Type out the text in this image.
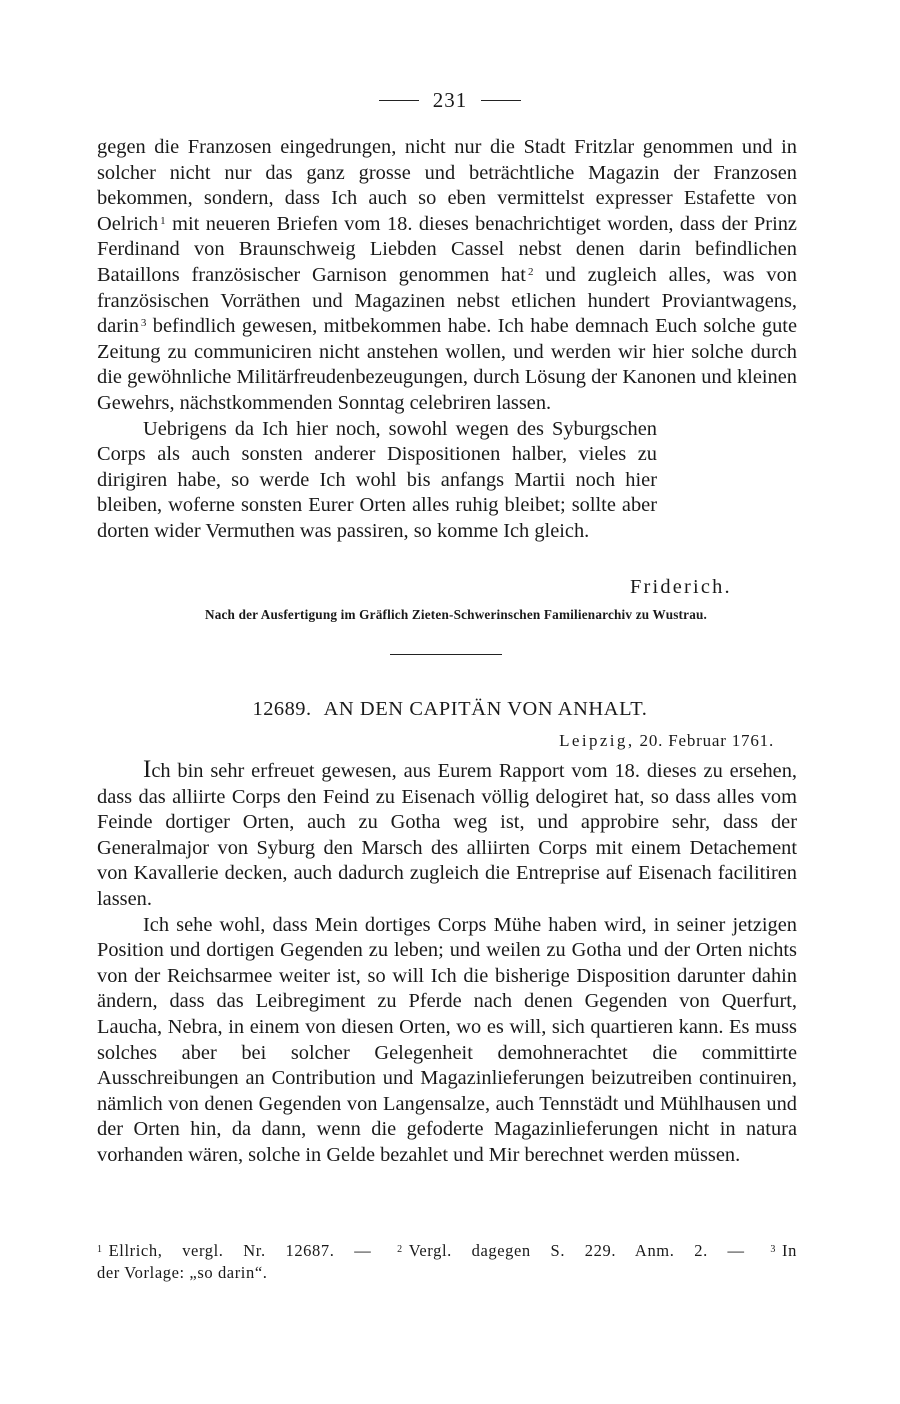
231

gegen die Franzosen eingedrungen, nicht nur die Stadt Fritzlar genommen und in solcher nicht nur das ganz grosse und beträchtliche Magazin der Franzosen bekommen, sondern, dass Ich auch so eben vermittelst expresser Estafette von Oelrich $^1$ mit neueren Briefen vom 18. dieses benachrichtiget worden, dass der Prinz Ferdinand von Braunschweig Liebden Cassel nebst denen darin befindlichen Bataillons französischer Garnison genommen hat $^2$ und zugleich alles, was von französischen Vorräthen und Magazinen nebst etlichen hundert Proviantwagens, darin $^3$ befindlich gewesen, mitbekommen habe. Ich habe demnach Euch solche gute Zeitung zu communiciren nicht anstehen wollen, und werden wir hier solche durch die gewöhnliche Militärfreudenbezeugungen, durch Lösung der Kanonen und kleinen Gewehrs, nächstkommenden Sonntag celebriren lassen.

Uebrigens da Ich hier noch, sowohl wegen des Syburgschen Corps als auch sonsten anderer Dispositionen halber, vieles zu dirigiren habe, so werde Ich wohl bis anfangs Martii noch hier bleiben, woferne sonsten Eurer Orten alles ruhig bleibet; sollte aber dorten wider Vermuthen was passiren, so komme Ich gleich.

Friderich.
Nach der Ausfertigung im Gräflich Zieten-Schwerinschen Familienarchiv zu Wustrau.
12689. AN DEN CAPITÄN VON ANHALT.
Leipzig, 20. Februar 1761.

Ich bin sehr erfreuet gewesen, aus Eurem Rapport vom 18. dieses zu ersehen, dass das alliirte Corps den Feind zu Eisenach völlig delogiret hat, so dass alles vom Feinde dortiger Orten, auch zu Gotha weg ist, und approbire sehr, dass der Generalmajor von Syburg den Marsch des alliirten Corps mit einem Detachement von Kavallerie decken, auch dadurch zugleich die Entreprise auf Eisenach facilitiren lassen.

Ich sehe wohl, dass Mein dortiges Corps Mühe haben wird, in seiner jetzigen Position und dortigen Gegenden zu leben; und weilen zu Gotha und der Orten nichts von der Reichsarmee weiter ist, so will Ich die bisherige Disposition darunter dahin ändern, dass das Leibregiment zu Pferde nach denen Gegenden von Querfurt, Laucha, Nebra, in einem von diesen Orten, wo es will, sich quartieren kann. Es muss solches aber bei solcher Gelegenheit demohnerachtet die committirte Ausschreibungen an Contribution und Magazinlieferungen beizutreiben continuiren, nämlich von denen Gegenden von Langensalze, auch Tennstädt und Mühlhausen und der Orten hin, da dann, wenn die gefoderte Magazinlieferungen nicht in natura vorhanden wären, solche in Gelde bezahlet und Mir berechnet werden müssen.

$^1$ Ellrich, vergl. Nr. 12687. —	$^2$ Vergl. dagegen S. 229. Anm. 2. —	$^3$ In
der Vorlage: „so darin“.
